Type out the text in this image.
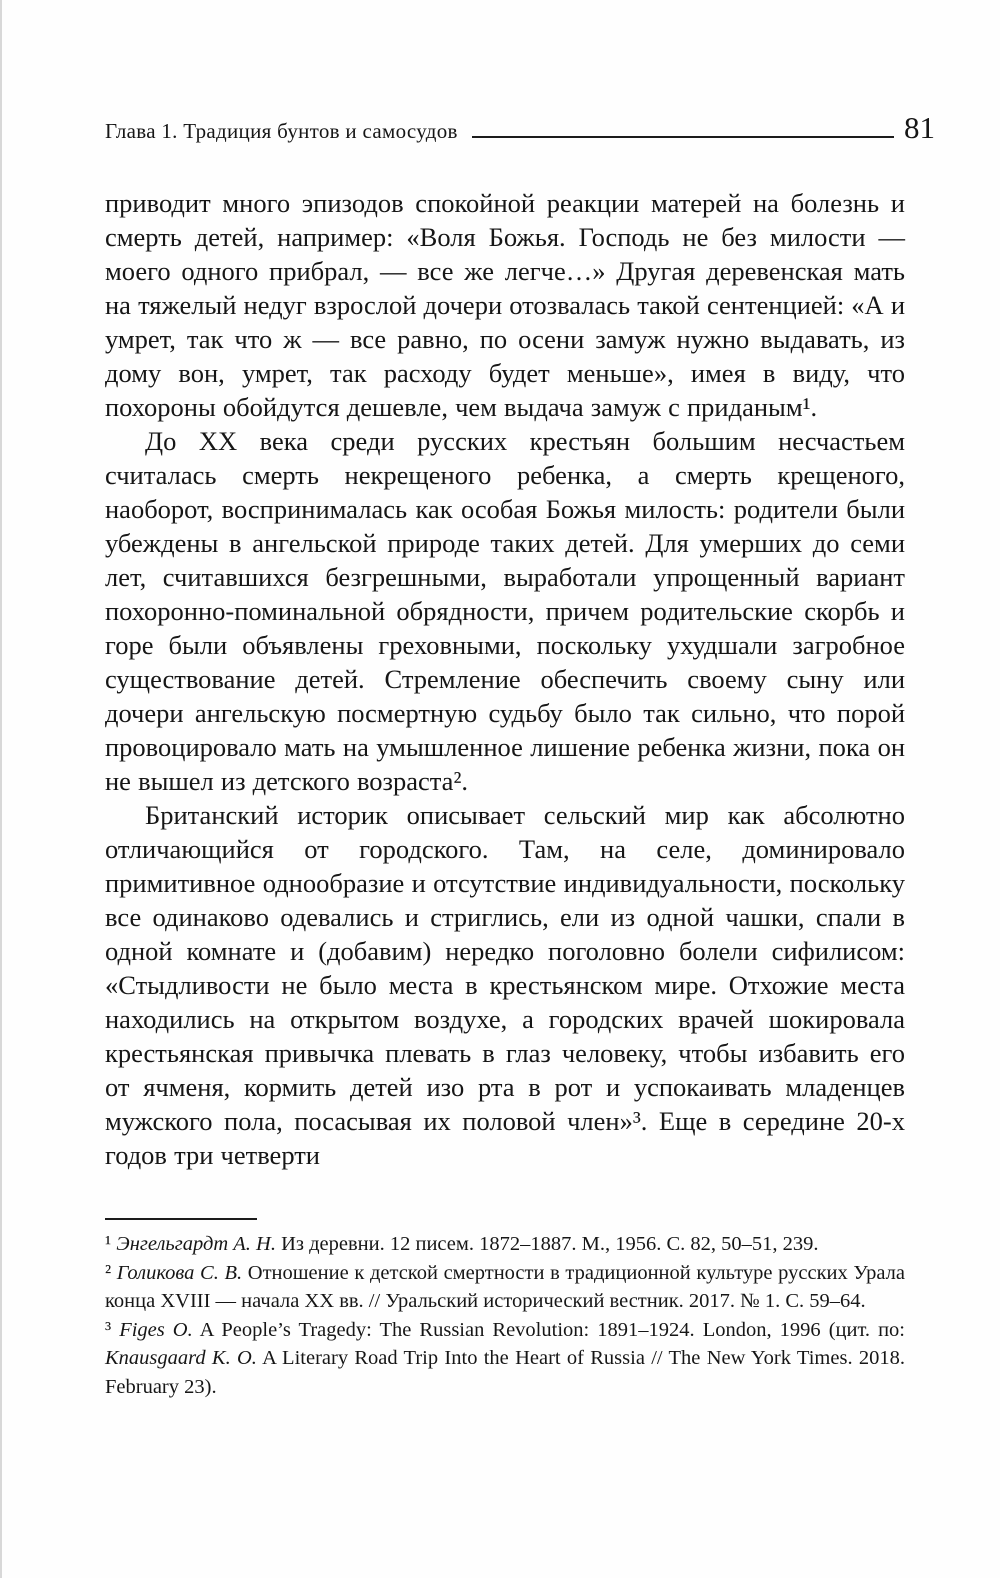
Глава 1. Традиция бунтов и самосудов	81

приводит много эпизодов спокойной реакции матерей на болезнь и смерть детей, например: «Воля Божья. Господь не без милости — моего одного прибрал, — все же легче…» Другая деревенская мать на тяжелый недуг взрослой дочери отозвалась такой сентенцией: «А и умрет, так что ж — все равно, по осени замуж нужно выдавать, из дому вон, умрет, так расходу будет меньше», имея в виду, что похороны обойдутся дешевле, чем выдача замуж с приданым¹.

До XX века среди русских крестьян большим несчастьем считалась смерть некрещеного ребенка, а смерть крещеного, наоборот, воспринималась как особая Божья милость: родители были убеждены в ангельской природе таких детей. Для умерших до семи лет, считавшихся безгрешными, выработали упрощенный вариант похоронно-поминальной обрядности, причем родительские скорбь и горе были объявлены греховными, поскольку ухудшали загробное существование детей. Стремление обеспечить своему сыну или дочери ангельскую посмертную судьбу было так сильно, что порой провоцировало мать на умышленное лишение ребенка жизни, пока он не вышел из детского возраста².

Британский историк описывает сельский мир как абсолютно отличающийся от городского. Там, на селе, доминировало примитивное однообразие и отсутствие индивидуальности, поскольку все одинаково одевались и стриглись, ели из одной чашки, спали в одной комнате и (добавим) нередко поголовно болели сифилисом: «Стыдливости не было места в крестьянском мире. Отхожие места находились на открытом воздухе, а городских врачей шокировала крестьянская привычка плевать в глаз человеку, чтобы избавить его от ячменя, кормить детей изо рта в рот и успокаивать младенцев мужского пола, посасывая их половой член»³. Еще в середине 20-х годов три четверти

¹ Энгельгардт А. Н. Из деревни. 12 писем. 1872–1887. М., 1956. С. 82, 50–51, 239.

² Голикова С. В. Отношение к детской смертности в традиционной культуре русских Урала конца XVIII — начала XX вв. // Уральский исторический вестник. 2017. № 1. С. 59–64.

³ Figes O. A People’s Tragedy: The Russian Revolution: 1891–1924. London, 1996 (цит. по: Knausgaard K. O. A Literary Road Trip Into the Heart of Russia // The New York Times. 2018. February 23).
